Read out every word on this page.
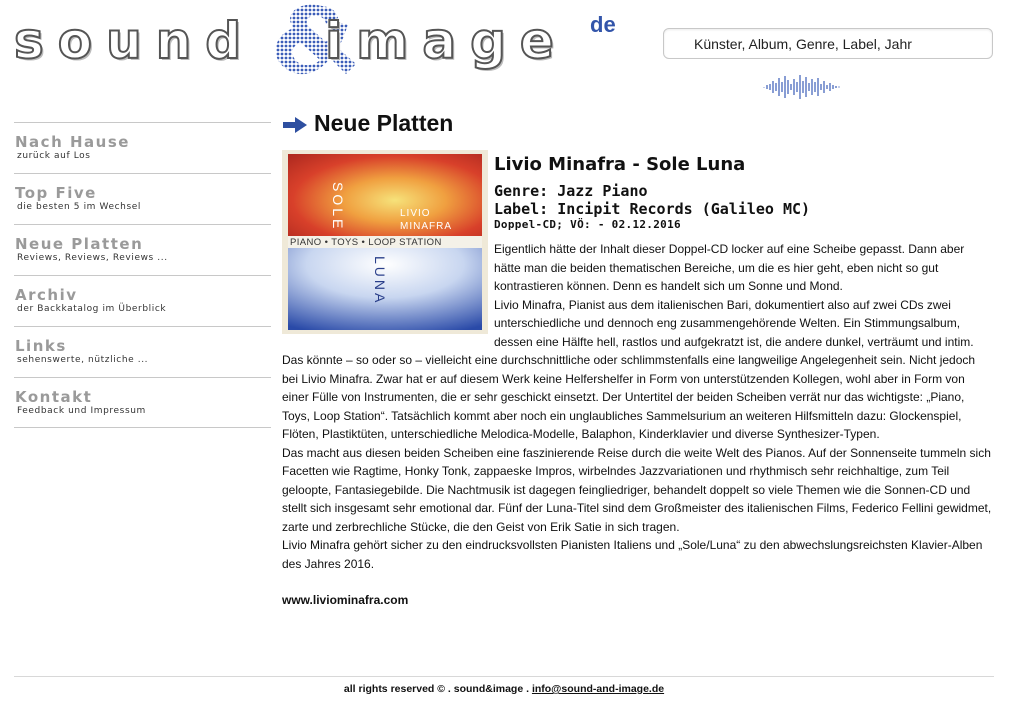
sound image de
Künster, Album, Genre, Label, Jahr
Nach Hause
zurück auf Los
Top Five
die besten 5 im Wechsel
Neue Platten
Reviews, Reviews, Reviews ...
Archiv
der Backkatalog im Überblick
Links
sehenswerte, nützliche ...
Kontakt
Feedback und Impressum
Neue Platten
LIVIO
MINAFRA
PIANO • TOYS • LOOP STATION
SOLE
LUNA
Livio Minafra - Sole Luna
Genre: Jazz Piano
Label: Incipit Records (Galileo MC)
Doppel-CD; VÖ: - 02.12.2016

Eigentlich hätte der Inhalt dieser Doppel-CD locker auf eine Scheibe gepasst. Dann aber hätte man die beiden thematischen Bereiche, um die es hier geht, eben nicht so gut kontrastieren können. Denn es handelt sich um Sonne und Mond.

Livio Minafra, Pianist aus dem italienischen Bari, dokumentiert also auf zwei CDs zwei unterschiedliche und dennoch eng zusammengehörende Welten. Ein Stimmungsalbum, dessen eine Hälfte hell, rastlos und aufgekratzt ist, die andere dunkel, verträumt und intim.

Das könnte – so oder so – vielleicht eine durchschnittliche oder schlimmstenfalls eine langweilige Angelegenheit sein. Nicht jedoch bei Livio Minafra. Zwar hat er auf diesem Werk keine Helfershelfer in Form von unterstützenden Kollegen, wohl aber in Form von einer Fülle von Instrumenten, die er sehr geschickt einsetzt. Der Untertitel der beiden Scheiben verrät nur das wichtigste: „Piano, Toys, Loop Station“. Tatsächlich kommt aber noch ein unglaubliches Sammelsurium an weiteren Hilfsmitteln dazu: Glockenspiel, Flöten, Plastiktüten, unterschiedliche Melodica-Modelle, Balaphon, Kinderklavier und diverse Synthesizer-Typen.

Das macht aus diesen beiden Scheiben eine faszinierende Reise durch die weite Welt des Pianos. Auf der Sonnenseite tummeln sich Facetten wie Ragtime, Honky Tonk, zappaeske Impros, wirbelndes Jazzvariationen und rhythmisch sehr reichhaltige, zum Teil geloopte, Fantasiegebilde. Die Nachtmusik ist dagegen feingliedriger, behandelt doppelt so viele Themen wie die Sonnen-CD und stellt sich insgesamt sehr emotional dar. Fünf der Luna-Titel sind dem Großmeister des italienischen Films, Federico Fellini gewidmet, zarte und zerbrechliche Stücke, die den Geist von Erik Satie in sich tragen.

Livio Minafra gehört sicher zu den eindrucksvollsten Pianisten Italiens und „Sole/Luna“ zu den abwechslungsreichsten Klavier-Alben des Jahres 2016.

www.liviominafra.com
all rights reserved © . sound&image . info@sound-and-image.de
